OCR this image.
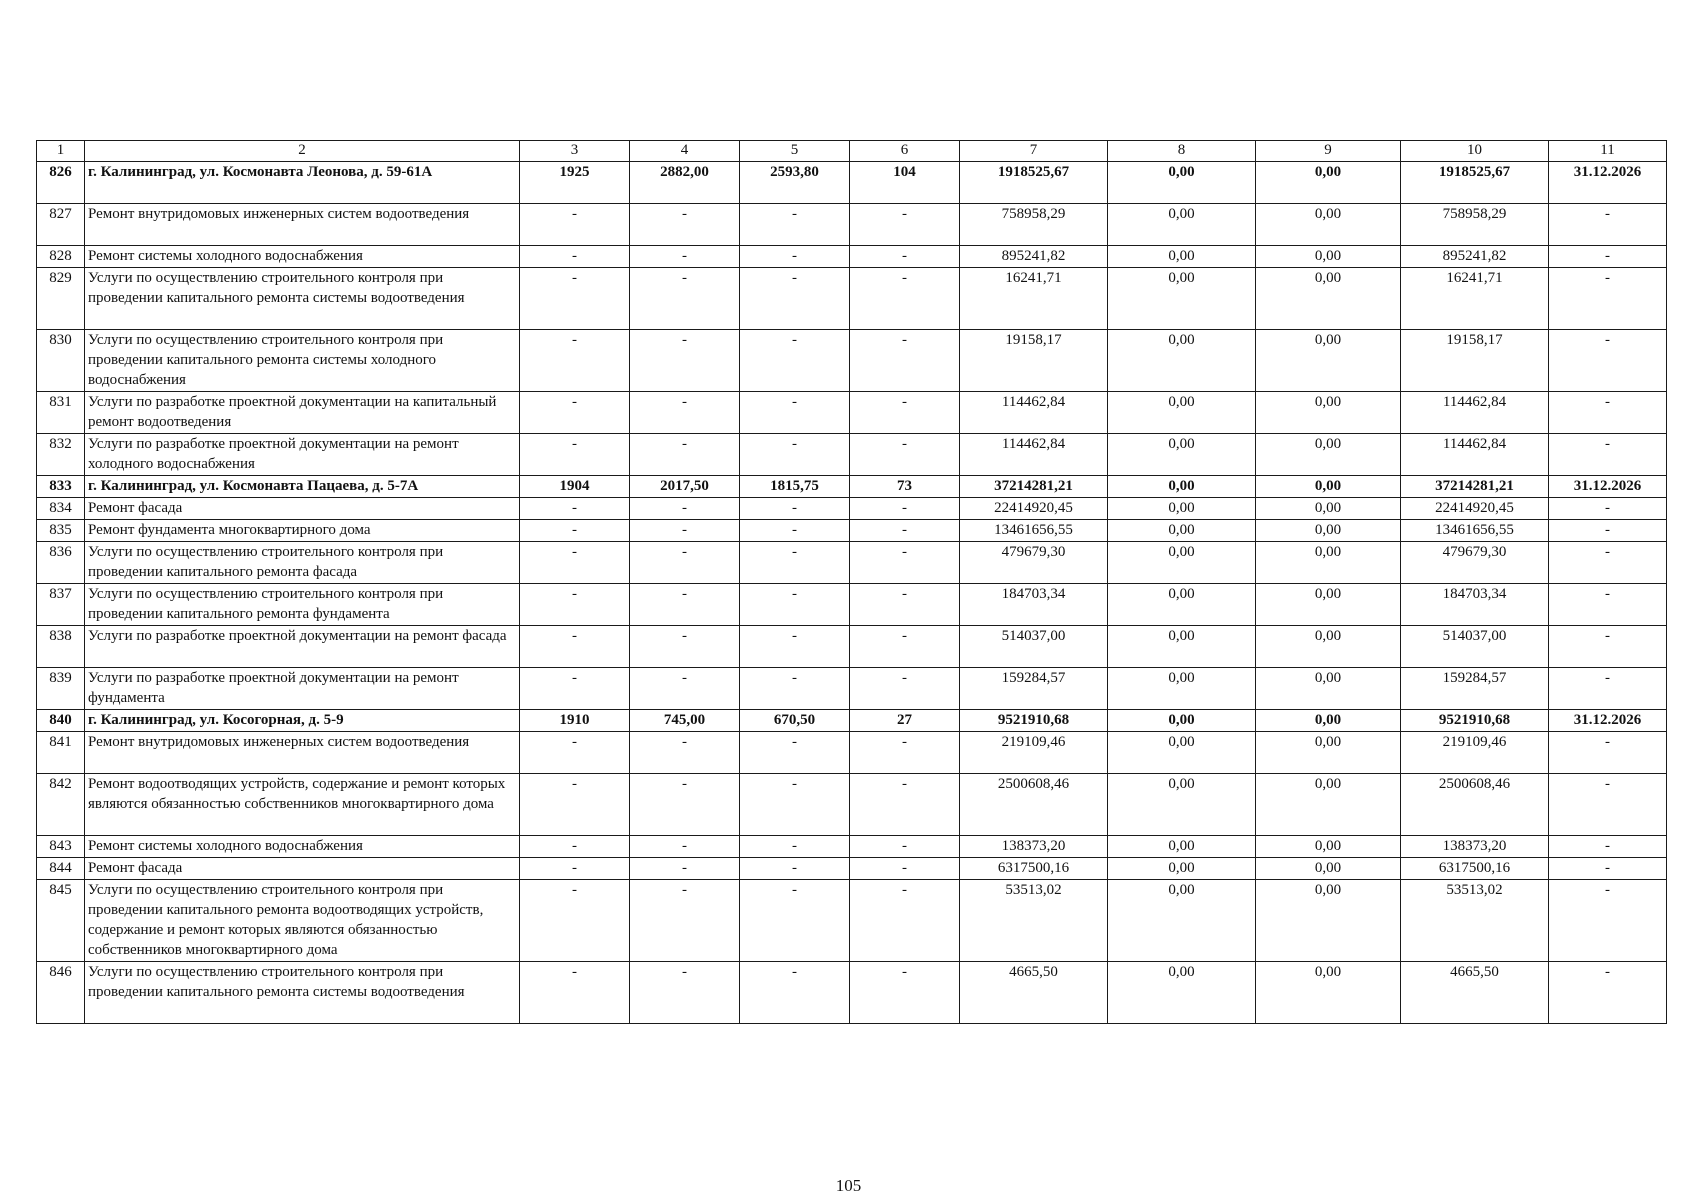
1	2	3	4	5	6	7	8	9	10	11
826	г. Калининград, ул. Космонавта Леонова, д. 59-61А	1925	2882,00	2593,80	104	1918525,67	0,00	0,00	1918525,67	31.12.2026
827	Ремонт внутридомовых инженерных систем водоотведения	-	-	-	-	758958,29	0,00	0,00	758958,29	-
828	Ремонт системы холодного водоснабжения	-	-	-	-	895241,82	0,00	0,00	895241,82	-
829	Услуги по осуществлению строительного контроля при проведении капитального ремонта системы водоотведения	-	-	-	-	16241,71	0,00	0,00	16241,71	-
830	Услуги по осуществлению строительного контроля при проведении капитального ремонта системы холодного водоснабжения	-	-	-	-	19158,17	0,00	0,00	19158,17	-
831	Услуги по разработке проектной документации на капитальный ремонт водоотведения	-	-	-	-	114462,84	0,00	0,00	114462,84	-
832	Услуги по разработке проектной документации на ремонт холодного водоснабжения	-	-	-	-	114462,84	0,00	0,00	114462,84	-
833	г. Калининград, ул. Космонавта Пацаева, д. 5-7А	1904	2017,50	1815,75	73	37214281,21	0,00	0,00	37214281,21	31.12.2026
834	Ремонт фасада	-	-	-	-	22414920,45	0,00	0,00	22414920,45	-
835	Ремонт фундамента многоквартирного дома	-	-	-	-	13461656,55	0,00	0,00	13461656,55	-
836	Услуги по осуществлению строительного контроля при проведении капитального ремонта фасада	-	-	-	-	479679,30	0,00	0,00	479679,30	-
837	Услуги по осуществлению строительного контроля при проведении капитального ремонта фундамента	-	-	-	-	184703,34	0,00	0,00	184703,34	-
838	Услуги по разработке проектной документации на ремонт фасада	-	-	-	-	514037,00	0,00	0,00	514037,00	-
839	Услуги по разработке проектной документации на ремонт фундамента	-	-	-	-	159284,57	0,00	0,00	159284,57	-
840	г. Калининград, ул. Косогорная, д. 5-9	1910	745,00	670,50	27	9521910,68	0,00	0,00	9521910,68	31.12.2026
841	Ремонт внутридомовых инженерных систем водоотведения	-	-	-	-	219109,46	0,00	0,00	219109,46	-
842	Ремонт водоотводящих устройств, содержание и ремонт которых являются обязанностью собственников многоквартирного дома	-	-	-	-	2500608,46	0,00	0,00	2500608,46	-
843	Ремонт системы холодного водоснабжения	-	-	-	-	138373,20	0,00	0,00	138373,20	-
844	Ремонт фасада	-	-	-	-	6317500,16	0,00	0,00	6317500,16	-
845	Услуги по осуществлению строительного контроля при проведении капитального ремонта водоотводящих устройств, содержание и ремонт которых являются обязанностью собственников многоквартирного дома	-	-	-	-	53513,02	0,00	0,00	53513,02	-
846	Услуги по осуществлению строительного контроля при проведении капитального ремонта системы водоотведения	-	-	-	-	4665,50	0,00	0,00	4665,50	-
105
